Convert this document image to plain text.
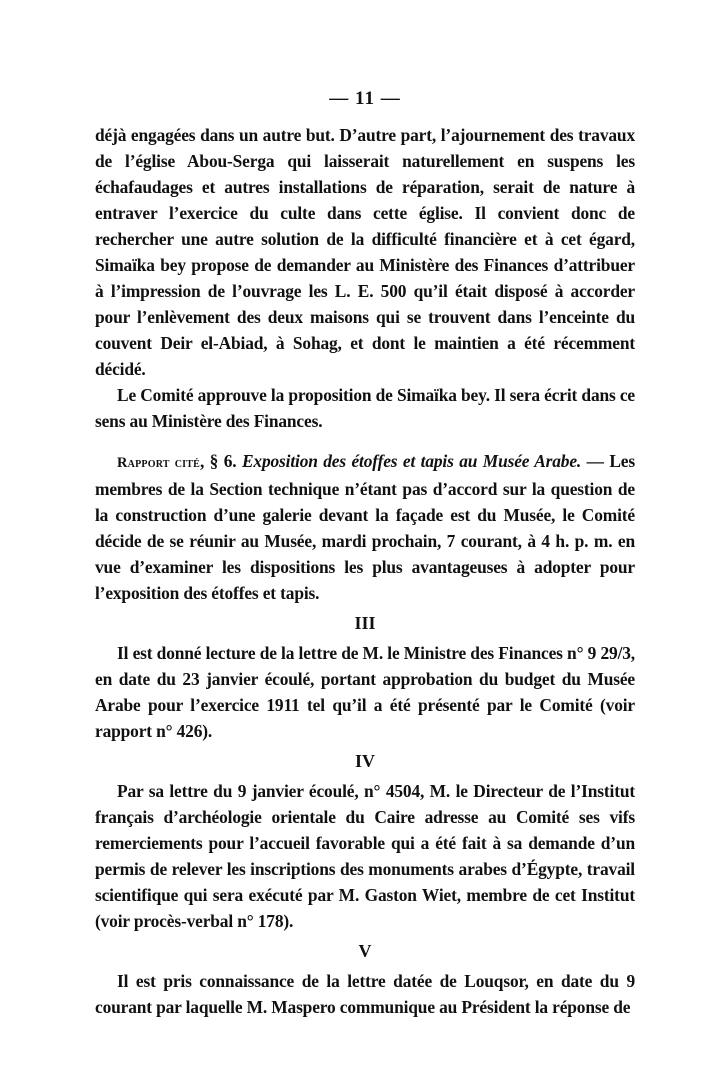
— 11 —

déjà engagées dans un autre but. D’autre part, l’ajournement des travaux de l’église Abou-Serga qui laisserait naturellement en suspens les échafaudages et autres installations de réparation, serait de nature à entraver l’exercice du culte dans cette église. Il convient donc de rechercher une autre solution de la difficulté financière et à cet égard, Simaïka bey propose de demander au Ministère des Finances d’attribuer à l’impression de l’ouvrage les L. E. 500 qu’il était disposé à accorder pour l’enlèvement des deux maisons qui se trouvent dans l’enceinte du couvent Deir el-Abiad, à Sohag, et dont le maintien a été récemment décidé.

Le Comité approuve la proposition de Simaïka bey. Il sera écrit dans ce sens au Ministère des Finances.

Rapport cité, § 6. Exposition des étoffes et tapis au Musée Arabe. — Les membres de la Section technique n’étant pas d’accord sur la question de la construction d’une galerie devant la façade est du Musée, le Comité décide de se réunir au Musée, mardi prochain, 7 courant, à 4 h. p. m. en vue d’examiner les dispositions les plus avantageuses à adopter pour l’exposition des étoffes et tapis.

III

Il est donné lecture de la lettre de M. le Ministre des Finances n° 9 29/3, en date du 23 janvier écoulé, portant approbation du budget du Musée Arabe pour l’exercice 1911 tel qu’il a été présenté par le Comité (voir rapport n° 426).

IV

Par sa lettre du 9 janvier écoulé, n° 4504, M. le Directeur de l’Institut français d’archéologie orientale du Caire adresse au Comité ses vifs remerciements pour l’accueil favorable qui a été fait à sa demande d’un permis de relever les inscriptions des monuments arabes d’Égypte, travail scientifique qui sera exécuté par M. Gaston Wiet, membre de cet Institut (voir procès-verbal n° 178).

V

Il est pris connaissance de la lettre datée de Louqsor, en date du 9 courant par laquelle M. Maspero communique au Président la réponse de
